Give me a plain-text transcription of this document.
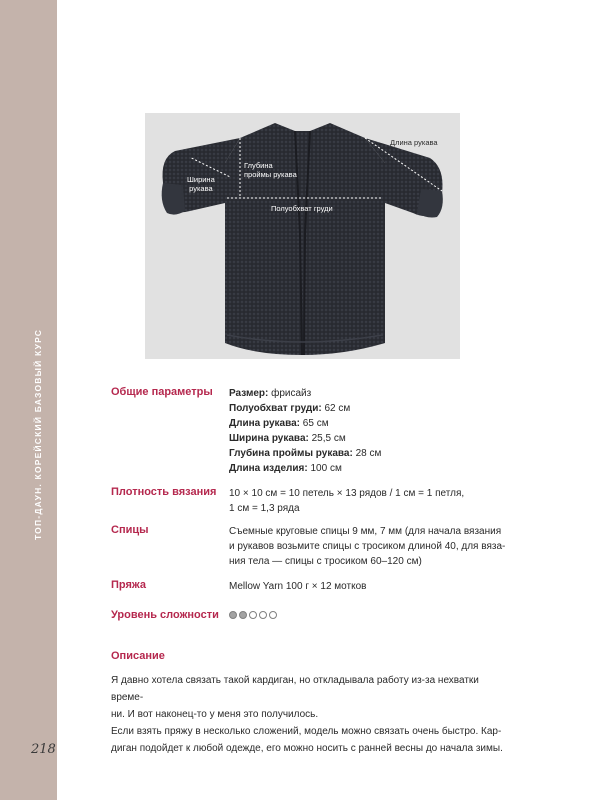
ТОП-ДАУН. КОРЕЙСКИЙ БАЗОВЫЙ КУРС
218
Длина рукава
Ширина
рукава
Глубина
проймы рукава
Полуобхват груди
Общие параметры Размер: фрисайз
Полуобхват груди: 62 см
Длина рукава: 65 см
Ширина рукава: 25,5 см
Глубина проймы рукава: 28 см
Длина изделия: 100 см
Плотность вязания 10 × 10 см = 10 петель × 13 рядов / 1 см = 1 петля,
1 см = 1,3 ряда
Спицы	Съемные круговые спицы 9 мм, 7 мм (для начала вязания
и рукавов возьмите спицы с тросиком длиной 40, для вяза-
ния тела — спицы с тросиком 60–120 см)
Пряжа	Mellow Yarn 100 г × 12 мотков
Уровень сложности
Описание

Я давно хотела связать такой кардиган, но откладывала работу из-за нехватки време-

ни. И вот наконец-то у меня это получилось.

Если взять пряжу в несколько сложений, модель можно связать очень быстро. Кар-

диган подойдет к любой одежде, его можно носить с ранней весны до начала зимы.
